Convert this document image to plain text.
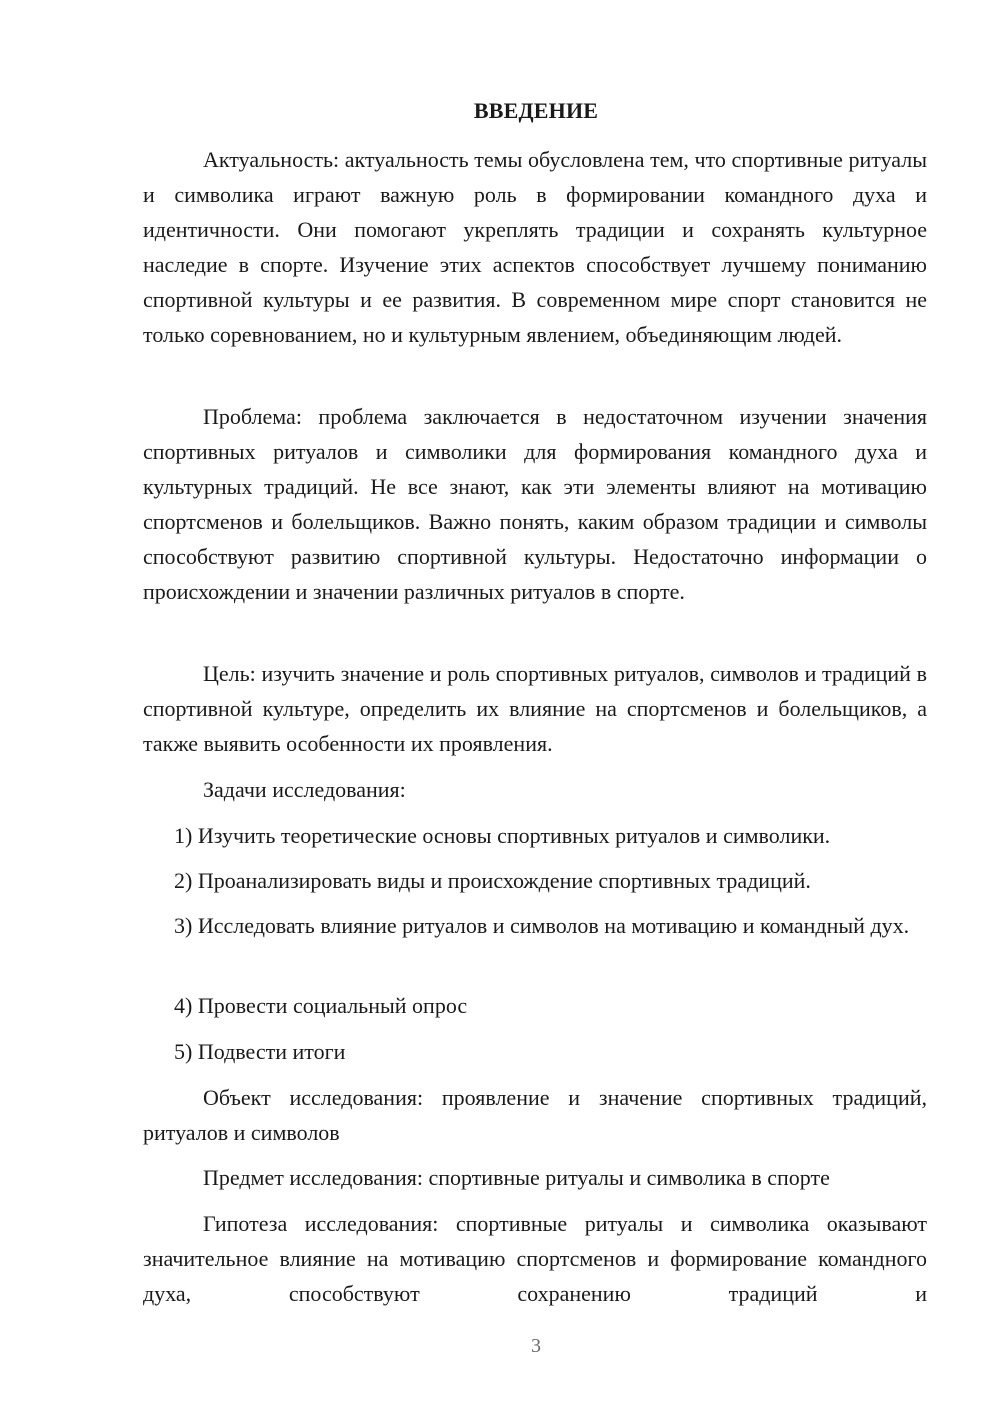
ВВЕДЕНИЕ

Актуальность: актуальность темы обусловлена тем, что спортивные ритуалы и символика играют важную роль в формировании командного духа и идентичности. Они помогают укреплять традиции и сохранять культурное наследие в спорте. Изучение этих аспектов способствует лучшему пониманию спортивной культуры и ее развития. В современном мире спорт становится не только соревнованием, но и культурным явлением, объединяющим людей.

Проблема: проблема заключается в недостаточном изучении значения спортивных ритуалов и символики для формирования командного духа и культурных традиций. Не все знают, как эти элементы влияют на мотивацию спортсменов и болельщиков. Важно понять, каким образом традиции и символы способствуют развитию спортивной культуры. Недостаточно информации о происхождении и значении различных ритуалов в спорте.

Цель: изучить значение и роль спортивных ритуалов, символов и традиций в спортивной культуре, определить их влияние на спортсменов и болельщиков, а также выявить особенности их проявления.

Задачи исследования:

1) Изучить теоретические основы спортивных ритуалов и символики.

2) Проанализировать виды и происхождение спортивных традиций.

3) Исследовать влияние ритуалов и символов на мотивацию и командный дух.

4) Провести социальный опрос

5) Подвести итоги

Объект исследования: проявление и значение спортивных традиций, ритуалов и символов

Предмет исследования: спортивные ритуалы и символика в спорте

Гипотеза исследования: спортивные ритуалы и символика оказывают значительное влияние на мотивацию спортсменов и формирование командного духа, способствуют сохранению традиций и

3
